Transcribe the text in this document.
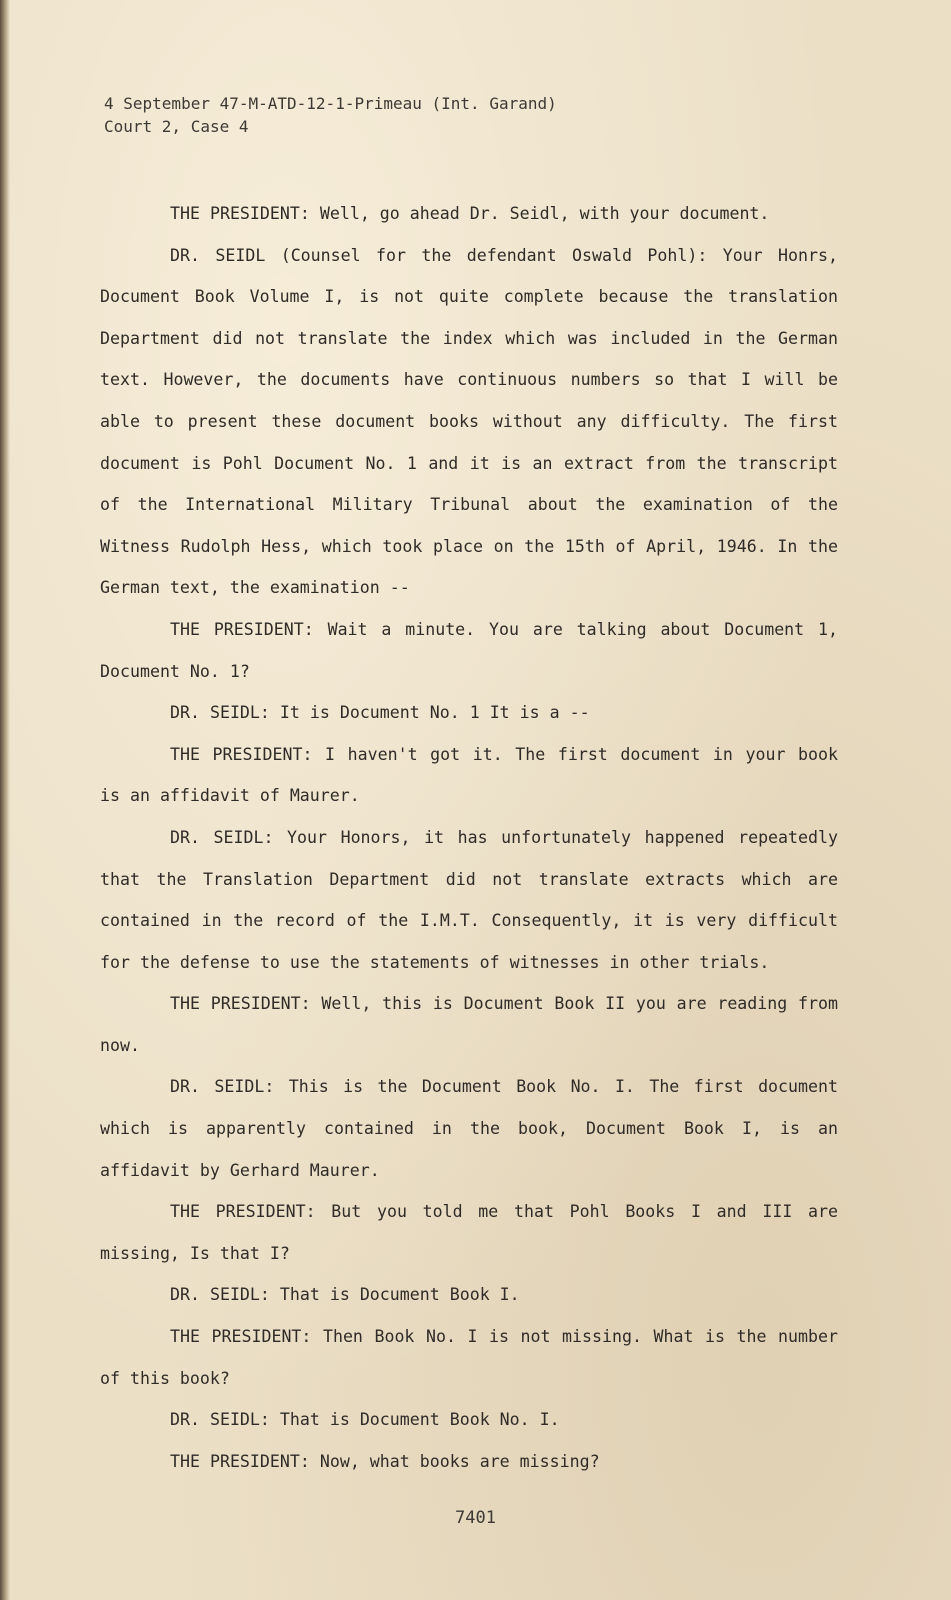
4 September 47-M-ATD-12-1-Primeau (Int. Garand)
Court 2, Case 4

THE PRESIDENT: Well, go ahead Dr. Seidl, with your document.

DR. SEIDL (Counsel for the defendant Oswald Pohl): Your Honrs, Document Book Volume I, is not quite complete because the translation Department did not translate the index which was included in the German text. However, the documents have continuous numbers so that I will be able to present these document books without any difficulty. The first document is Pohl Document No. 1 and it is an extract from the transcript of the International Military Tribunal about the examination of the Witness Rudolph Hess, which took place on the 15th of April, 1946. In the German text, the examination --

THE PRESIDENT: Wait a minute. You are talking about Document 1, Document No. 1?

DR. SEIDL: It is Document No. 1 It is a --

THE PRESIDENT: I haven't got it. The first document in your book is an affidavit of Maurer.

DR. SEIDL: Your Honors, it has unfortunately happened repeatedly that the Translation Department did not translate extracts which are contained in the record of the I.M.T. Consequently, it is very difficult for the defense to use the statements of witnesses in other trials.

THE PRESIDENT: Well, this is Document Book II you are reading from now.

DR. SEIDL: This is the Document Book No. I. The first document which is apparently contained in the book, Document Book I, is an affidavit by Gerhard Maurer.

THE PRESIDENT: But you told me that Pohl Books I and III are missing, Is that I?

DR. SEIDL: That is Document Book I.

THE PRESIDENT: Then Book No. I is not missing. What is the number of this book?

DR. SEIDL: That is Document Book No. I.

THE PRESIDENT: Now, what books are missing?

7401
